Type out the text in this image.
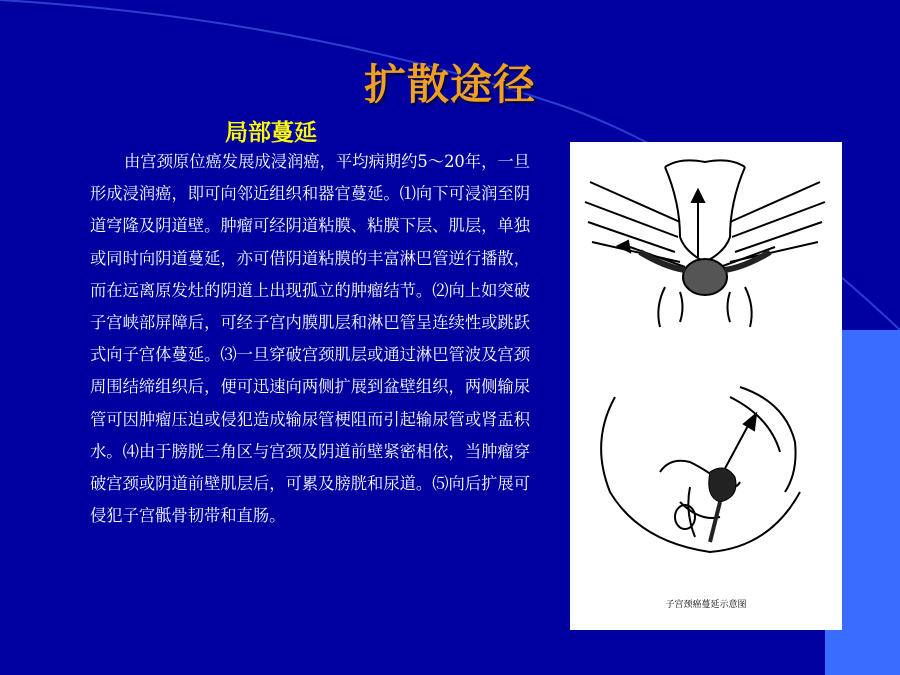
扩散途径
局部蔓延
由宫颈原位癌发展成浸润癌，平均病期约5～20年，一旦形成浸润癌，即可向邻近组织和器官蔓延。⑴向下可浸润至阴道穹隆及阴道壁。肿瘤可经阴道粘膜、粘膜下层、肌层，单独或同时向阴道蔓延，亦可借阴道粘膜的丰富淋巴管逆行播散，而在远离原发灶的阴道上出现孤立的肿瘤结节。⑵向上如突破子宫峡部屏障后，可经子宫内膜肌层和淋巴管呈连续性或跳跃式向子宫体蔓延。⑶一旦穿破宫颈肌层或通过淋巴管波及宫颈周围结缔组织后，便可迅速向两侧扩展到盆壁组织，两侧输尿管可因肿瘤压迫或侵犯造成输尿管梗阻而引起输尿管或肾盂积水。⑷由于膀胱三角区与宫颈及阴道前壁紧密相依，当肿瘤穿破宫颈或阴道前壁肌层后，可累及膀胱和尿道。⑸向后扩展可侵犯子宫骶骨韧带和直肠。
子宫颈癌蔓延示意图
